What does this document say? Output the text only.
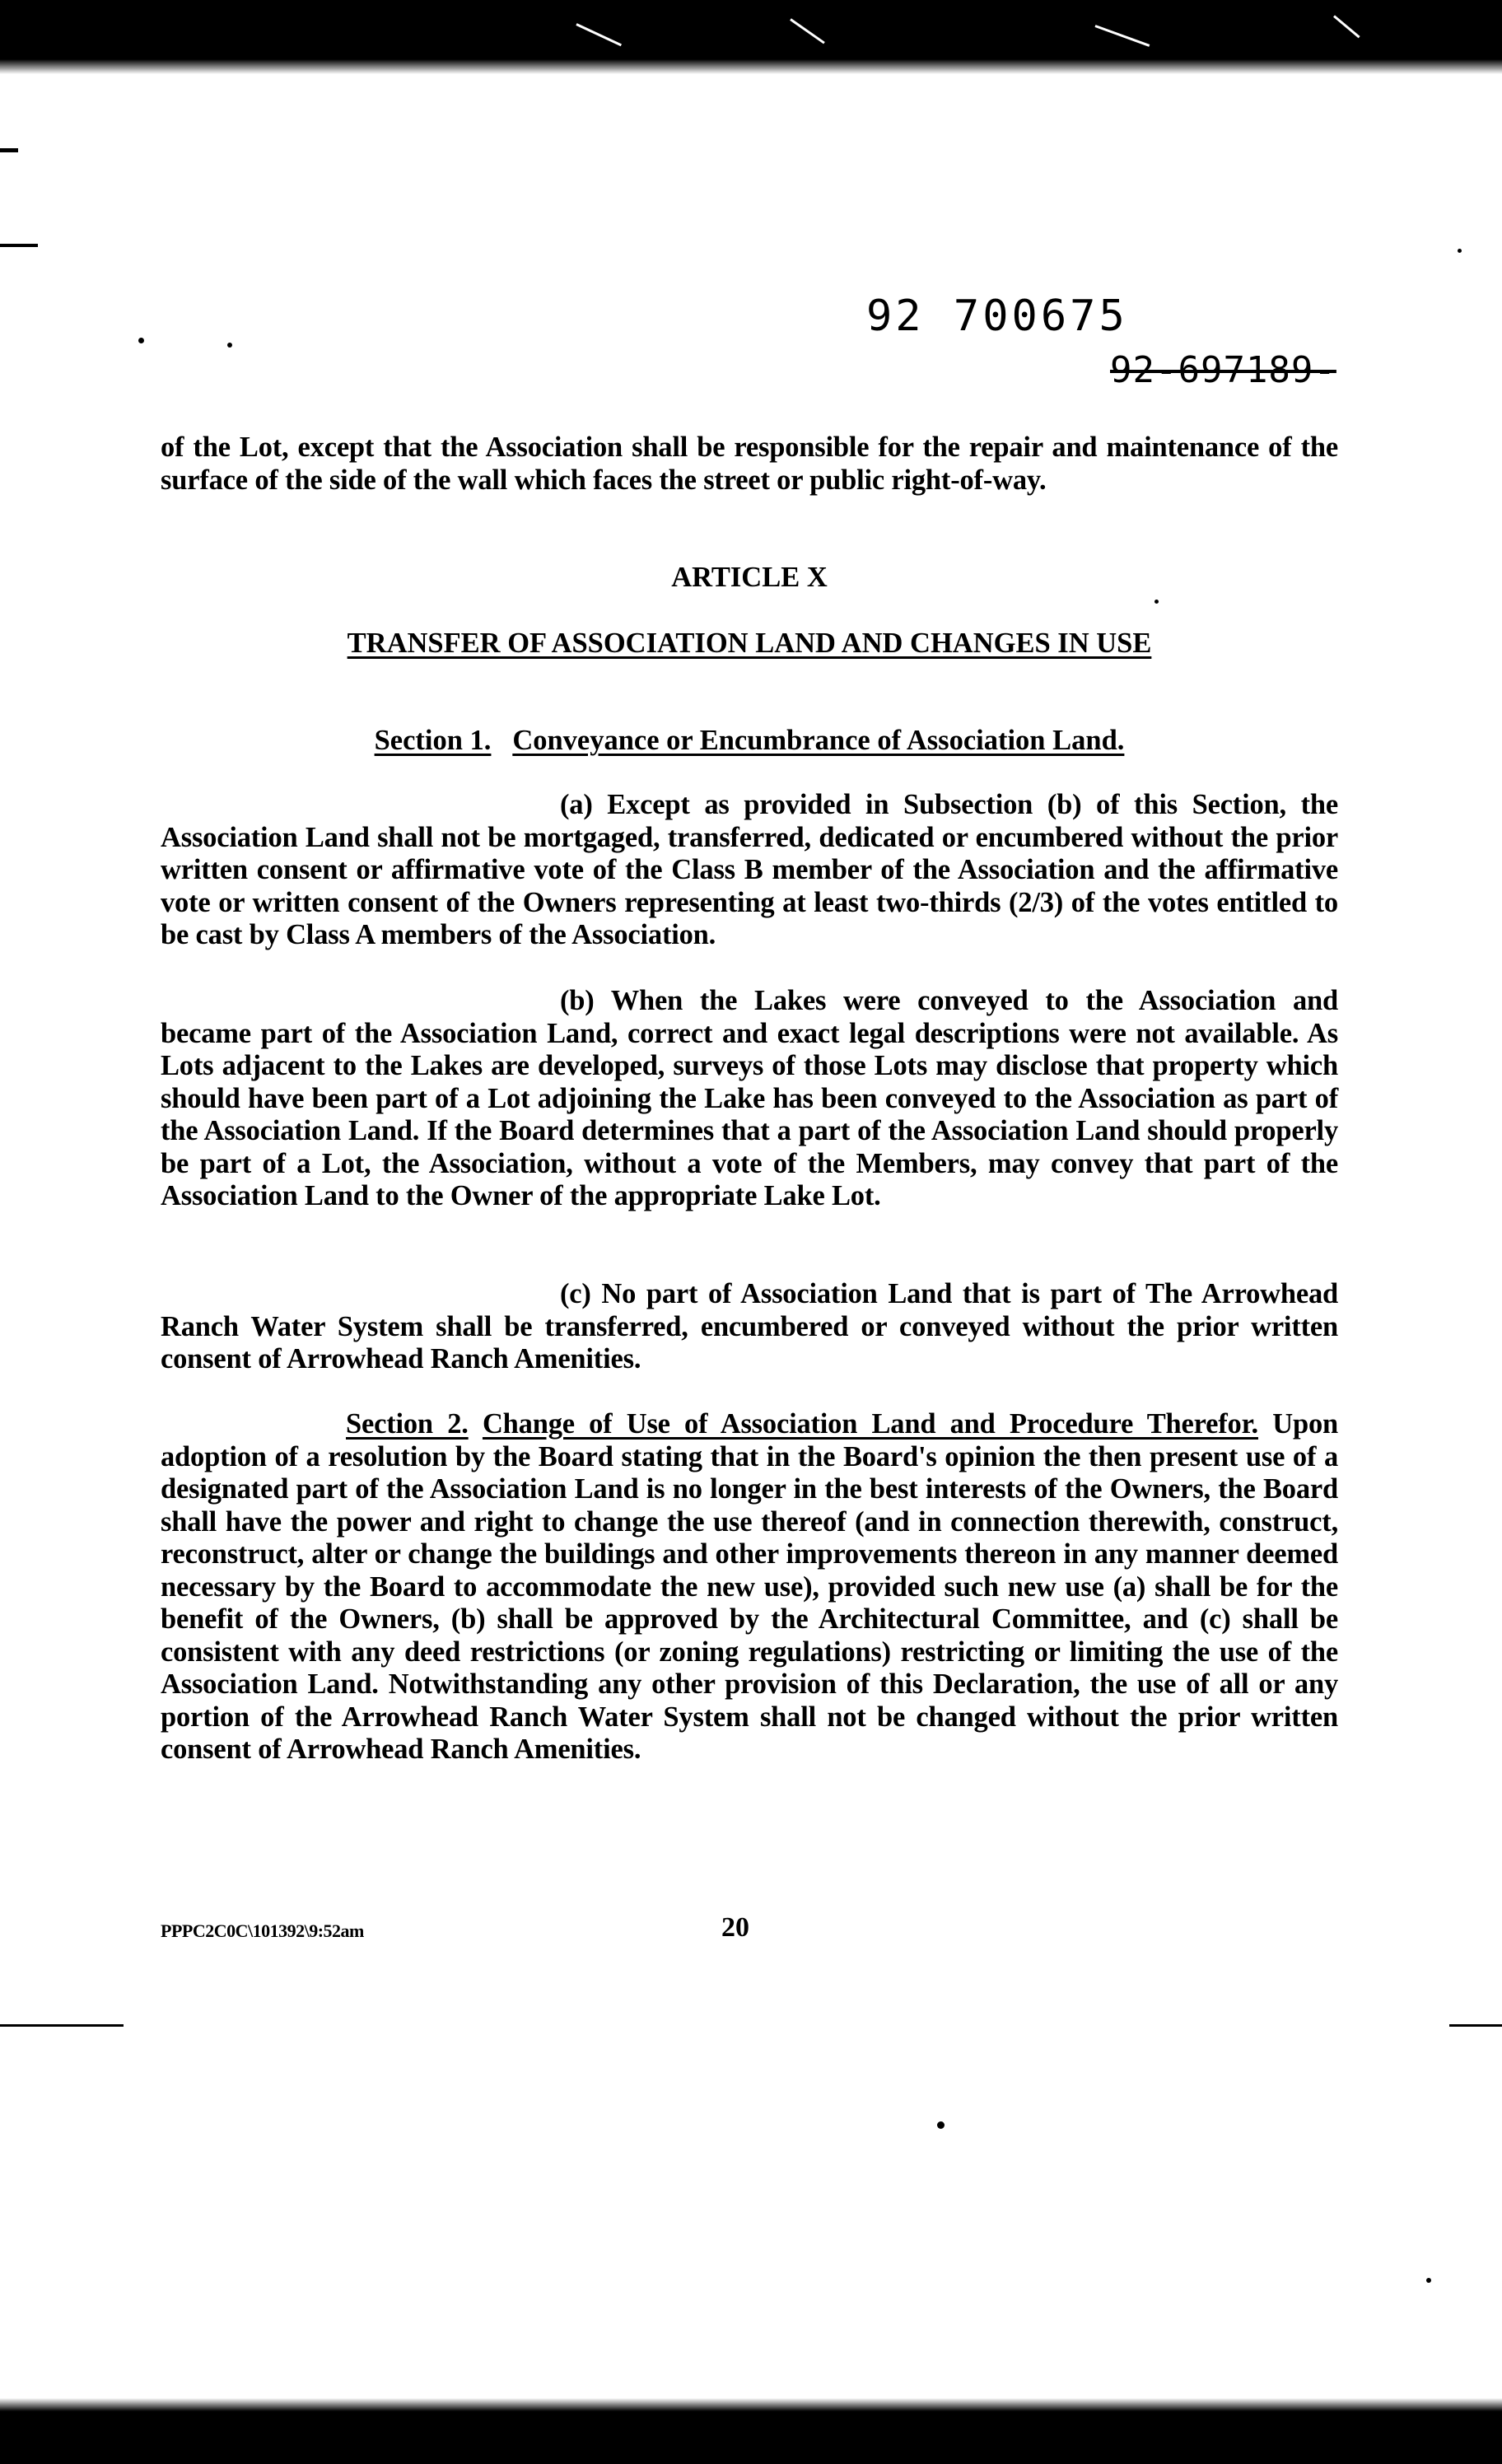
92 700675
92-697189-

of the Lot, except that the Association shall be responsible for the repair and maintenance of the surface of the side of the wall which faces the street or public right-of-way.

ARTICLE X
TRANSFER OF ASSOCIATION LAND AND CHANGES IN USE
Section 1. Conveyance or Encumbrance of Association Land.

(a) Except as provided in Subsection (b) of this Section, the Association Land shall not be mortgaged, transferred, dedicated or encumbered without the prior written consent or affirmative vote of the Class B member of the Association and the affirmative vote or written consent of the Owners representing at least two-thirds (2/3) of the votes entitled to be cast by Class A members of the Association.

(b) When the Lakes were conveyed to the Association and became part of the Association Land, correct and exact legal descriptions were not available. As Lots adjacent to the Lakes are developed, surveys of those Lots may disclose that property which should have been part of a Lot adjoining the Lake has been conveyed to the Association as part of the Association Land. If the Board determines that a part of the Association Land should properly be part of a Lot, the Association, without a vote of the Members, may convey that part of the Association Land to the Owner of the appropriate Lake Lot.

(c) No part of Association Land that is part of The Arrowhead Ranch Water System shall be transferred, encumbered or conveyed without the prior written consent of Arrowhead Ranch Amenities.

Section 2. Change of Use of Association Land and Procedure Therefor. Upon adoption of a resolution by the Board stating that in the Board's opinion the then present use of a designated part of the Association Land is no longer in the best interests of the Owners, the Board shall have the power and right to change the use thereof (and in connection therewith, construct, reconstruct, alter or change the buildings and other improvements thereon in any manner deemed necessary by the Board to accommodate the new use), provided such new use (a) shall be for the benefit of the Owners, (b) shall be approved by the Architectural Committee, and (c) shall be consistent with any deed restrictions (or zoning regulations) restricting or limiting the use of the Association Land. Notwithstanding any other provision of this Declaration, the use of all or any portion of the Arrowhead Ranch Water System shall not be changed without the prior written consent of Arrowhead Ranch Amenities.

PPPC2C0C\101392\9:52am	20
